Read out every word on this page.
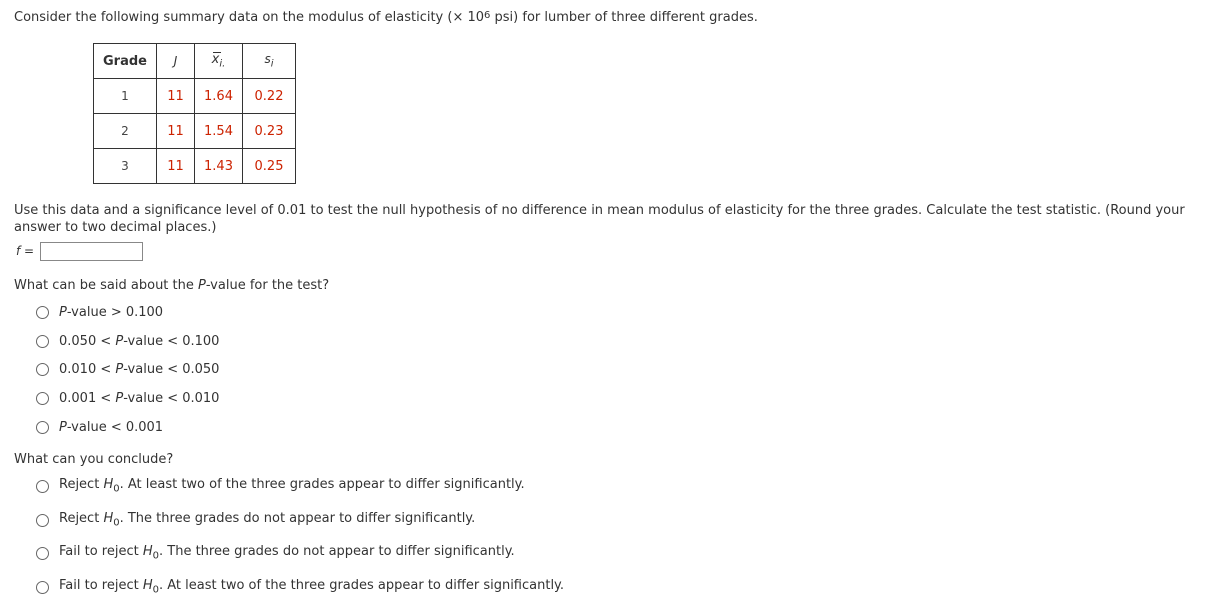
Consider the following summary data on the modulus of elasticity (× $10^6$ psi) for lumber of three different grades.
Grade	J	$x_{i.}$	$s_i$
1	11	1.64	0.22
2	11	1.54	0.23
3	11	1.43	0.25
Use this data and a significance level of 0.01 to test the null hypothesis of no difference in mean modulus of elasticity for the three grades. Calculate the test statistic. (Round your answer to two decimal places.)
f =
What can be said about the P-value for the test?
P-value > 0.100
0.050 < P-value < 0.100
0.010 < P-value < 0.050
0.001 < P-value < 0.010
P-value < 0.001
What can you conclude?
Reject $H_0$. At least two of the three grades appear to differ significantly.
Reject $H_0$. The three grades do not appear to differ significantly.
Fail to reject $H_0$. The three grades do not appear to differ significantly.
Fail to reject $H_0$. At least two of the three grades appear to differ significantly.
